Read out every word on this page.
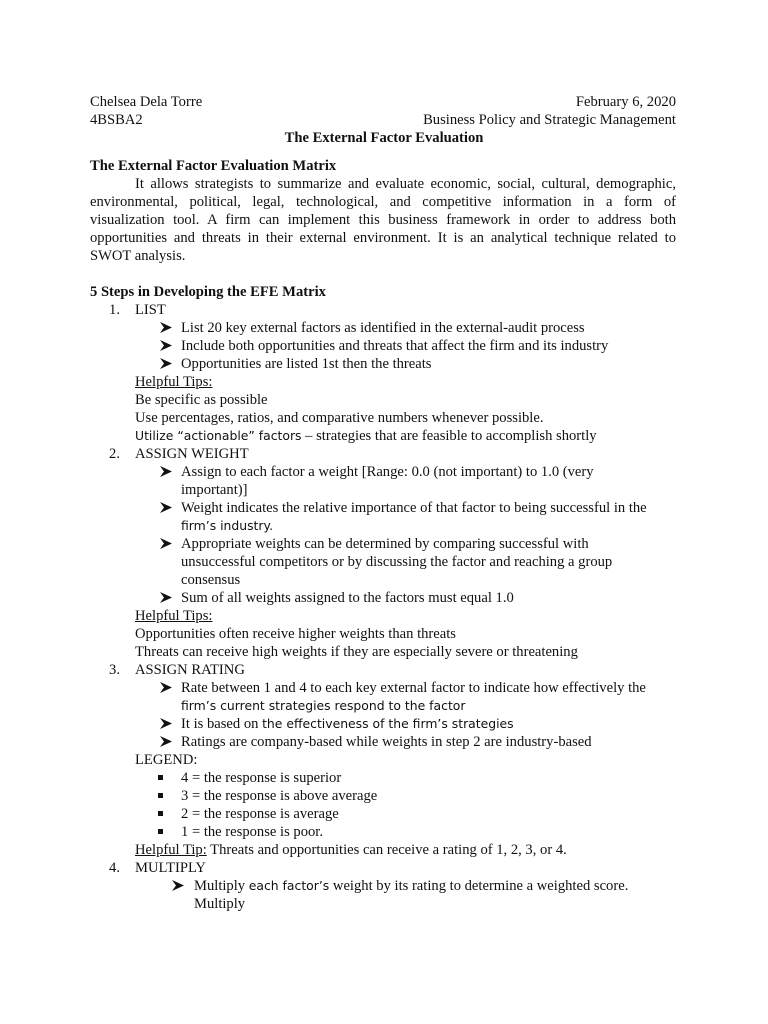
Chelsea Dela Torre	February 6, 2020
4BSBA2	Business Policy and Strategic Management
The External Factor Evaluation
The External Factor Evaluation Matrix
It allows strategists to summarize and evaluate economic, social, cultural, demographic,
environmental, political, legal, technological, and competitive information in a form of
visualization tool. A firm can implement this business framework in order to address both
opportunities and threats in their external environment. It is an analytical technique related to
SWOT analysis.
5 Steps in Developing the EFE Matrix
1. LIST
List 20 key external factors as identified in the external-audit process
Include both opportunities and threats that affect the firm and its industry
Opportunities are listed 1st then the threats
Helpful Tips:
Be specific as possible
Use percentages, ratios, and comparative numbers whenever possible.
Utilize “actionable” factors – strategies that are feasible to accomplish shortly
2. ASSIGN WEIGHT
Assign to each factor a weight [Range: 0.0 (not important) to 1.0 (very
important)]
Weight indicates the relative importance of that factor to being successful in the
firm’s industry.
Appropriate weights can be determined by comparing successful with
unsuccessful competitors or by discussing the factor and reaching a group
consensus
Sum of all weights assigned to the factors must equal 1.0
Helpful Tips:
Opportunities often receive higher weights than threats
Threats can receive high weights if they are especially severe or threatening
3. ASSIGN RATING
Rate between 1 and 4 to each key external factor to indicate how effectively the
firm’s current strategies respond to the factor
It is based on the effectiveness of the firm’s strategies
Ratings are company-based while weights in step 2 are industry-based
LEGEND:
4 = the response is superior
3 = the response is above average
2 = the response is average
1 = the response is poor.
Helpful Tip: Threats and opportunities can receive a rating of 1, 2, 3, or 4.
4. MULTIPLY
Multiply each factor’s weight by its rating to determine a weighted score.
Multiply
